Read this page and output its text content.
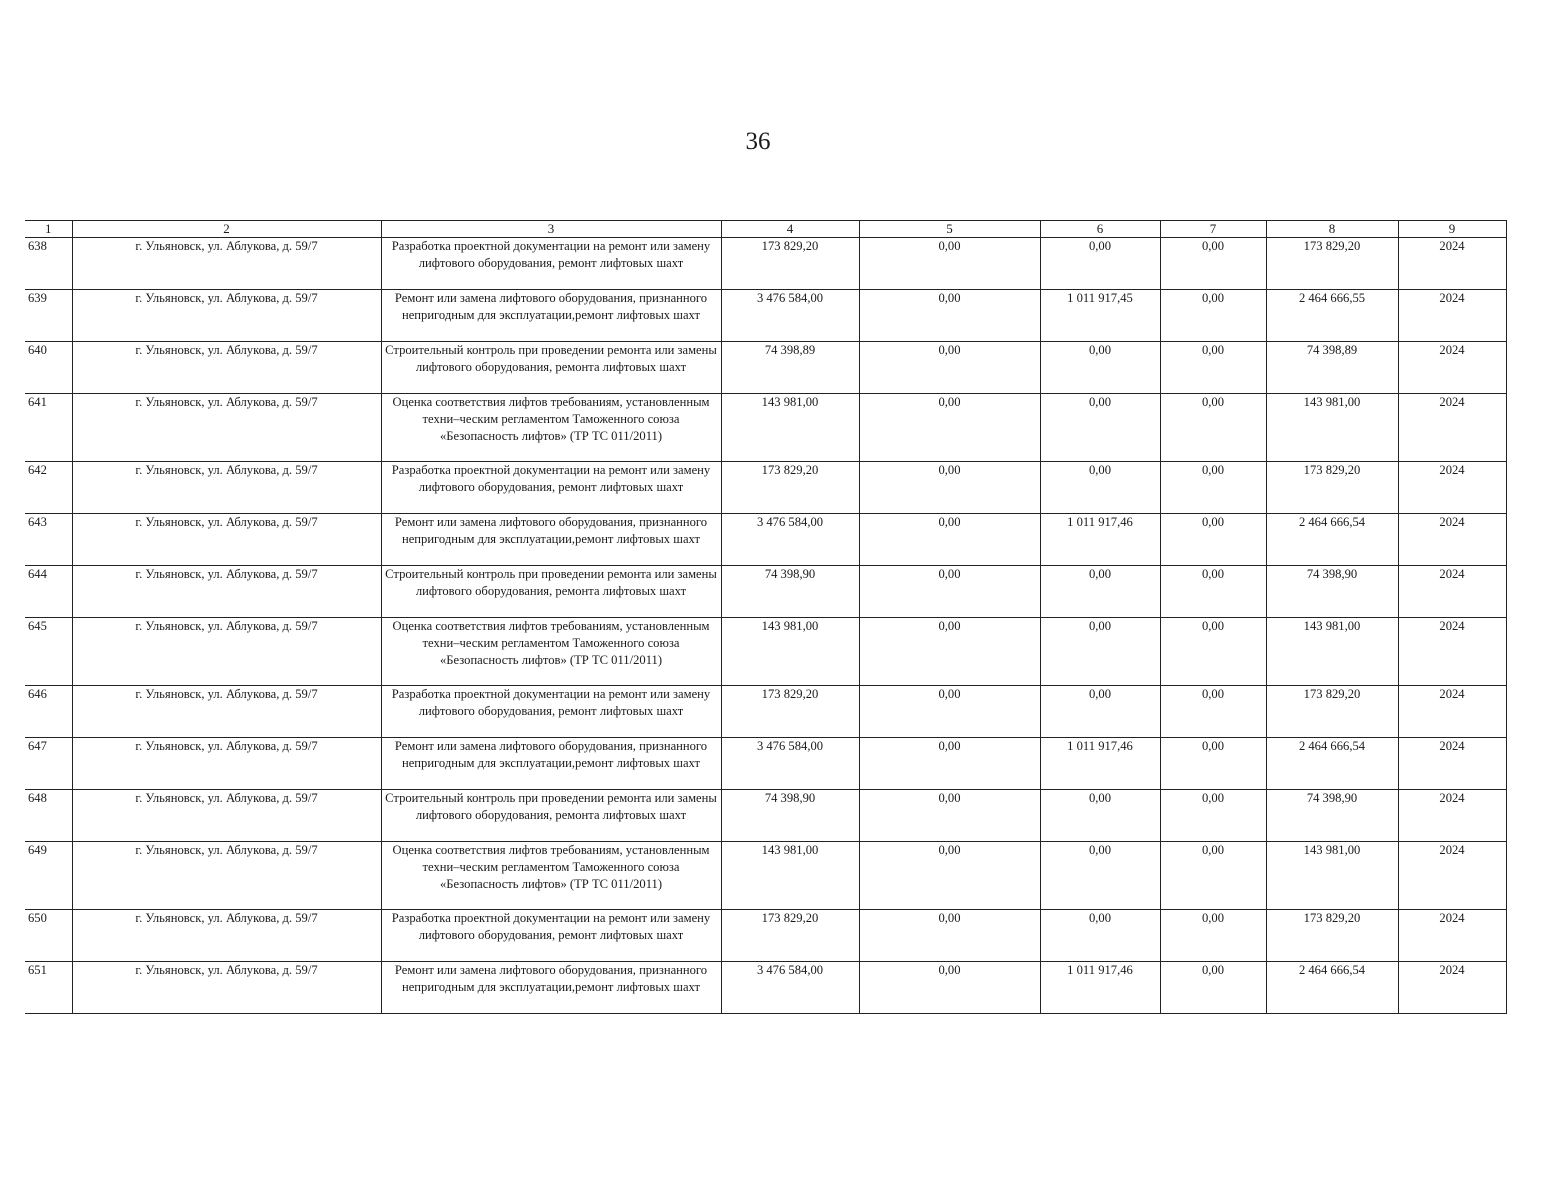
36
1	2	3	4	5	6	7	8	9
638	г. Ульяновск, ул. Аблукова, д. 59/7	Разработка проектной документации на ремонт или замену лифтового оборудования, ремонт лифтовых шахт	173 829,20	0,00	0,00	0,00	173 829,20	2024
639	г. Ульяновск, ул. Аблукова, д. 59/7	Ремонт или замена лифтового оборудования, признанного непригодным для эксплуатации,ремонт лифтовых шахт	3 476 584,00	0,00	1 011 917,45	0,00	2 464 666,55	2024
640	г. Ульяновск, ул. Аблукова, д. 59/7	Строительный контроль при проведении ремонта или замены лифтового оборудования, ремонта лифтовых шахт	74 398,89	0,00	0,00	0,00	74 398,89	2024
641	г. Ульяновск, ул. Аблукова, д. 59/7	Оценка соответствия лифтов требованиям, установленным техни–ческим регламентом Таможенного союза «Безопасность лифтов» (ТР ТС 011/2011)	143 981,00	0,00	0,00	0,00	143 981,00	2024
642	г. Ульяновск, ул. Аблукова, д. 59/7	Разработка проектной документации на ремонт или замену лифтового оборудования, ремонт лифтовых шахт	173 829,20	0,00	0,00	0,00	173 829,20	2024
643	г. Ульяновск, ул. Аблукова, д. 59/7	Ремонт или замена лифтового оборудования, признанного непригодным для эксплуатации,ремонт лифтовых шахт	3 476 584,00	0,00	1 011 917,46	0,00	2 464 666,54	2024
644	г. Ульяновск, ул. Аблукова, д. 59/7	Строительный контроль при проведении ремонта или замены лифтового оборудования, ремонта лифтовых шахт	74 398,90	0,00	0,00	0,00	74 398,90	2024
645	г. Ульяновск, ул. Аблукова, д. 59/7	Оценка соответствия лифтов требованиям, установленным техни–ческим регламентом Таможенного союза «Безопасность лифтов» (ТР ТС 011/2011)	143 981,00	0,00	0,00	0,00	143 981,00	2024
646	г. Ульяновск, ул. Аблукова, д. 59/7	Разработка проектной документации на ремонт или замену лифтового оборудования, ремонт лифтовых шахт	173 829,20	0,00	0,00	0,00	173 829,20	2024
647	г. Ульяновск, ул. Аблукова, д. 59/7	Ремонт или замена лифтового оборудования, признанного непригодным для эксплуатации,ремонт лифтовых шахт	3 476 584,00	0,00	1 011 917,46	0,00	2 464 666,54	2024
648	г. Ульяновск, ул. Аблукова, д. 59/7	Строительный контроль при проведении ремонта или замены лифтового оборудования, ремонта лифтовых шахт	74 398,90	0,00	0,00	0,00	74 398,90	2024
649	г. Ульяновск, ул. Аблукова, д. 59/7	Оценка соответствия лифтов требованиям, установленным техни–ческим регламентом Таможенного союза «Безопасность лифтов» (ТР ТС 011/2011)	143 981,00	0,00	0,00	0,00	143 981,00	2024
650	г. Ульяновск, ул. Аблукова, д. 59/7	Разработка проектной документации на ремонт или замену лифтового оборудования, ремонт лифтовых шахт	173 829,20	0,00	0,00	0,00	173 829,20	2024
651	г. Ульяновск, ул. Аблукова, д. 59/7	Ремонт или замена лифтового оборудования, признанного непригодным для эксплуатации,ремонт лифтовых шахт	3 476 584,00	0,00	1 011 917,46	0,00	2 464 666,54	2024
